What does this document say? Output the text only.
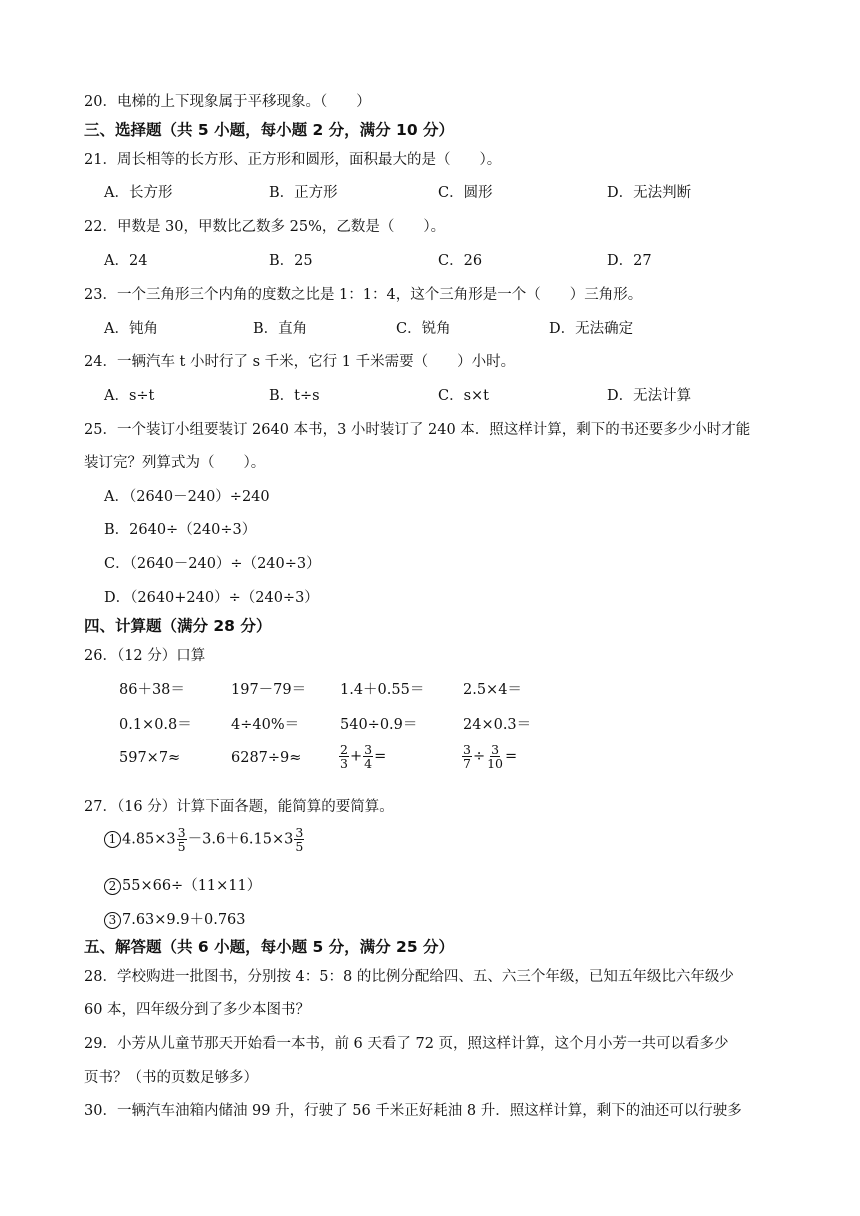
20．电梯的上下现象属于平移现象。（　　）
三、选择题（共 5 小题，每小题 2 分，满分 10 分）
21．周长相等的长方形、正方形和圆形，面积最大的是（　　）。
A．长方形	B．正方形	C．圆形	D．无法判断
22．甲数是 30，甲数比乙数多 25%，乙数是（　　）。
A．24	B．25	C．26	D．27
23．一个三角形三个内角的度数之比是 1：1：4，这个三角形是一个（　　）三角形。
A．钝角	B．直角	C．锐角	D．无法确定
24．一辆汽车 t 小时行了 s 千米，它行 1 千米需要（　　）小时。
A．s÷t	B．t÷s	C．s×t	D．无法计算
25．一个装订小组要装订 2640 本书，3 小时装订了 240 本．照这样计算，剩下的书还要多少小时才能
装订完？列算式为（　　）。
A．（2640－240）÷240
B．2640÷（240÷3）
C．（2640－240）÷（240÷3）
D．（2640+240）÷（240÷3）
四、计算题（满分 28 分）
26．（12 分）口算
86＋38＝	197－79＝ 1.4＋0.55＝	2.5×4＝
0.1×0.8＝	4÷40%＝	540÷0.9＝	24×0.3＝
597×7≈	6287÷9≈	$\frac{2}{3} + \frac{3}{4}$ =	$\frac{3}{7} \div \frac{3}{10}$ =
27．（16 分）计算下面各题，能简算的要简算。
1 $4.85\times 3 \frac{3}{5} -3.6+6.15\times 3 \frac{3}{5}$
2 55×66÷（11×11）
3 7.63×9.9＋0.763
五、解答题（共 6 小题，每小题 5 分，满分 25 分）
28．学校购进一批图书，分别按 4：5：8 的比例分配给四、五、六三个年级，已知五年级比六年级少
60 本，四年级分到了多少本图书？
29．小芳从儿童节那天开始看一本书，前 6 天看了 72 页，照这样计算，这个月小芳一共可以看多少
页书？（书的页数足够多）
30．一辆汽车油箱内储油 99 升，行驶了 56 千米正好耗油 8 升．照这样计算，剩下的油还可以行驶多
